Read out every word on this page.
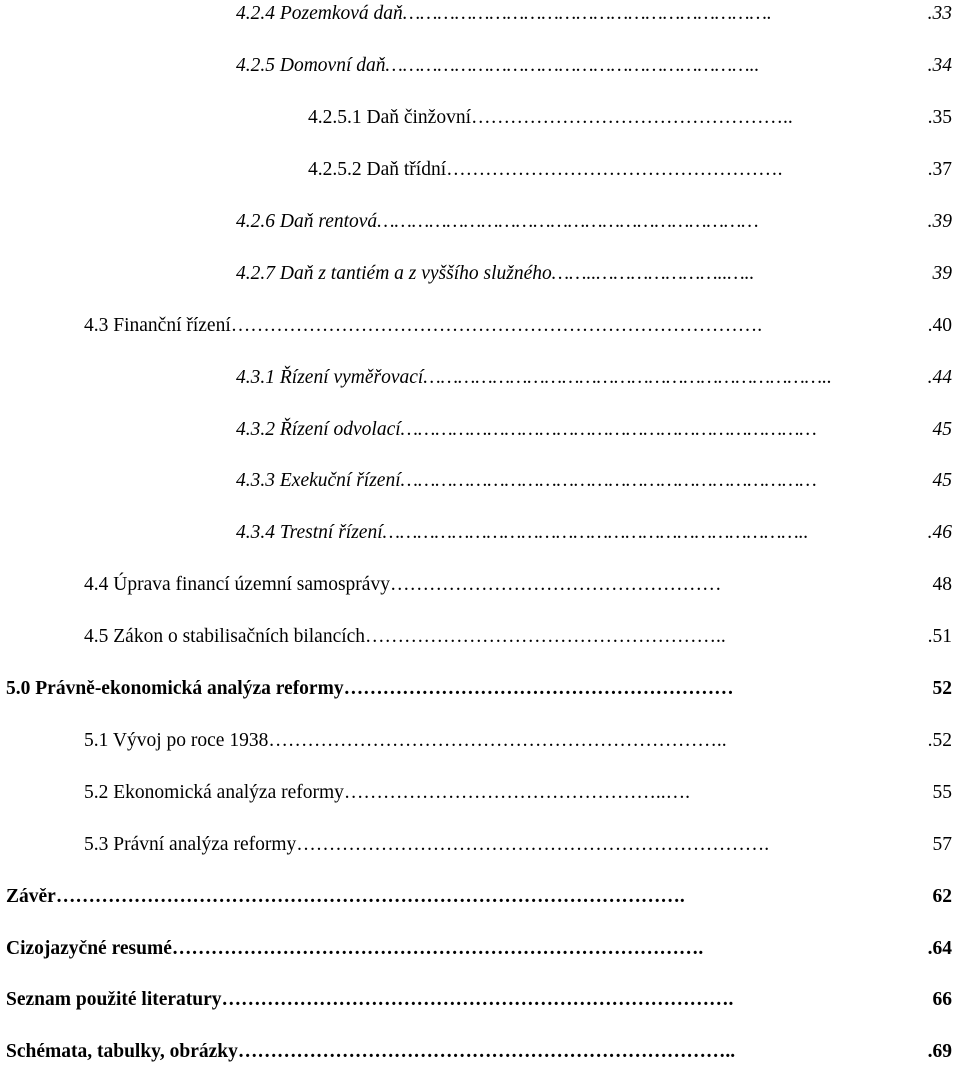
4.2.4 Pozemková daň ……………………………………………………….	.33
4.2.5 Domovní daň ………………………………………………………..	.34
4.2.5.1 Daň činžovní …………………………………………..	.35
4.2.5.2 Daň třídní …………………………………………….	.37
4.2.6 Daň rentová …………………………………………………………	.39
4.2.7 Daň z tantiém a z vyššího služného ……..…………………..…..	39
4.3 Finanční řízení ……………………………………………………………………….	.40
4.3.1 Řízení vyměřovací ……………………………………………………………..	.44
4.3.2 Řízení odvolací ………………………………………………………………	45
4.3.3 Exekuční řízení ………………………………………………………………	45
4.3.4 Trestní řízení ………………………………………………………………..	.46
4.4 Úprava financí územní samosprávy ……………………………………………	48
4.5 Zákon o stabilisačních bilancích ………………………………………………..	.51
5.0 Právně-ekonomická analýza reformy ……………………………………………………	52
5.1 Vývoj po roce 1938 ……………………………………………………………..	.52
5.2 Ekonomická analýza reformy …………………………………………..….	55
5.3 Právní analýza reformy ……………………………………………………………….	57
Závěr …………………………………………………………………………………….	62
Cizojazyčné resumé ……………………………………………………………………….	.64
Seznam použité literatury …………………………………………………………………….	66
Schémata, tabulky, obrázky …………………………………………………………………..	.69
